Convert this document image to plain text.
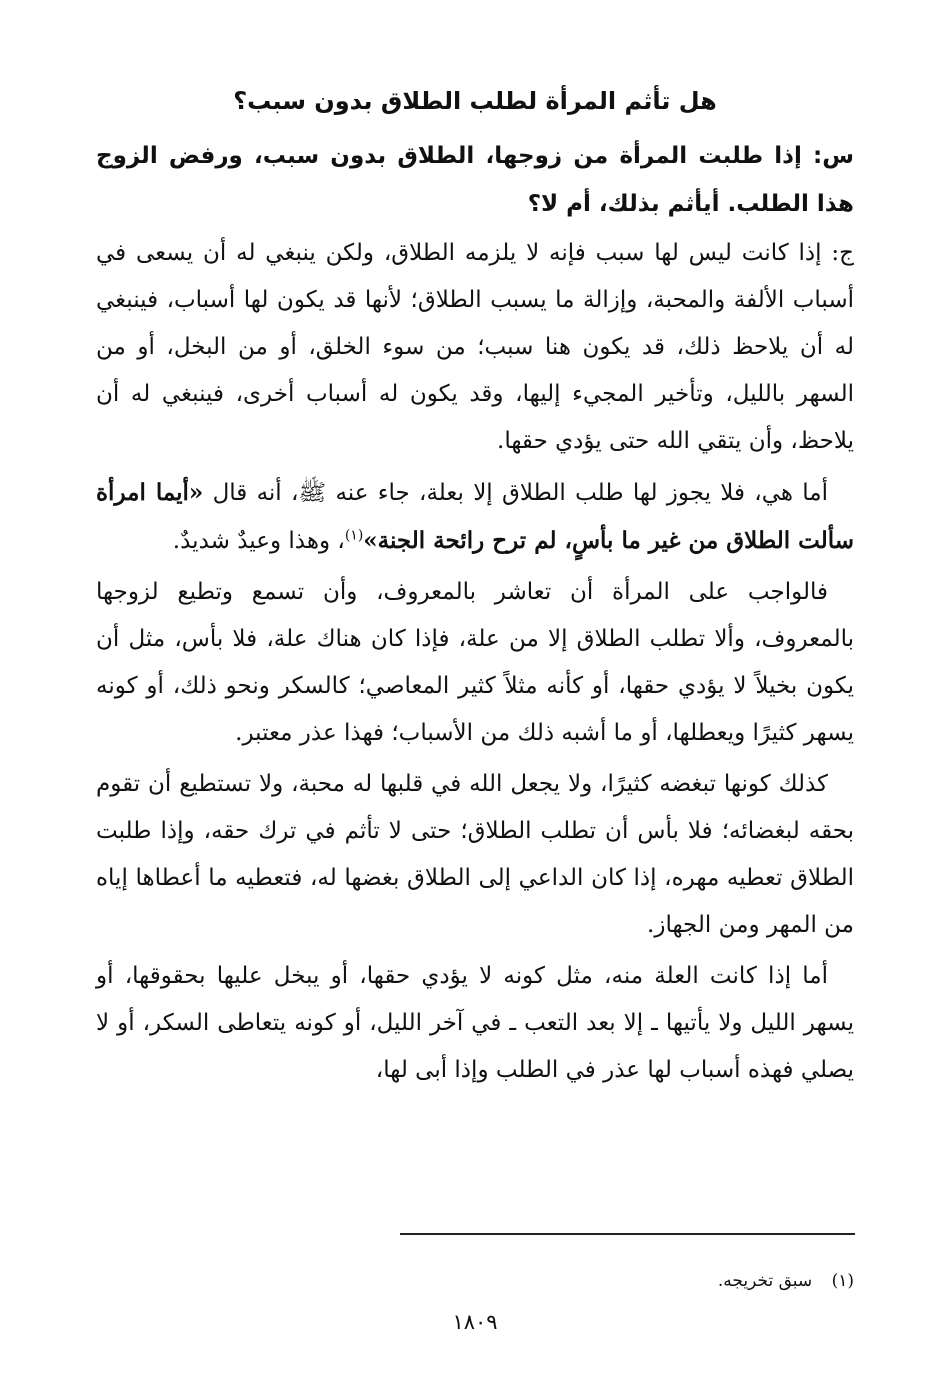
هل تأثم المرأة لطلب الطلاق بدون سبب؟

س: إذا طلبت المرأة من زوجها، الطلاق بدون سبب، ورفض الزوج هذا الطلب. أيأثم بذلك، أم لا؟

ج: إذا كانت ليس لها سبب فإنه لا يلزمه الطلاق، ولكن ينبغي له أن يسعى في أسباب الألفة والمحبة، وإزالة ما يسبب الطلاق؛ لأنها قد يكون لها أسباب، فينبغي له أن يلاحظ ذلك، قد يكون هنا سبب؛ من سوء الخلق، أو من البخل، أو من السهر بالليل، وتأخير المجيء إليها، وقد يكون له أسباب أخرى، فينبغي له أن يلاحظ، وأن يتقي الله حتى يؤدي حقها.

أما هي، فلا يجوز لها طلب الطلاق إلا بعلة، جاء عنه ﷺ، أنه قال «أيما امرأة سألت الطلاق من غير ما بأسٍ، لم ترح رائحة الجنة»$^{(١)}$، وهذا وعيدٌ شديدٌ.

فالواجب على المرأة أن تعاشر بالمعروف، وأن تسمع وتطيع لزوجها بالمعروف، وألا تطلب الطلاق إلا من علة، فإذا كان هناك علة، فلا بأس، مثل أن يكون بخيلاً لا يؤدي حقها، أو كأنه مثلاً كثير المعاصي؛ كالسكر ونحو ذلك، أو كونه يسهر كثيرًا ويعطلها، أو ما أشبه ذلك من الأسباب؛ فهذا عذر معتبر.

كذلك كونها تبغضه كثيرًا، ولا يجعل الله في قلبها له محبة، ولا تستطيع أن تقوم بحقه لبغضائه؛ فلا بأس أن تطلب الطلاق؛ حتى لا تأثم في ترك حقه، وإذا طلبت الطلاق تعطيه مهره، إذا كان الداعي إلى الطلاق بغضها له، فتعطيه ما أعطاها إياه من المهر ومن الجهاز.

أما إذا كانت العلة منه، مثل كونه لا يؤدي حقها، أو يبخل عليها بحقوقها، أو يسهر الليل ولا يأتيها ـ إلا بعد التعب ـ في آخر الليل، أو كونه يتعاطى السكر، أو لا يصلي فهذه أسباب لها عذر في الطلب وإذا أبى لها،

(١) سبق تخريجه.
١٨٠٩
